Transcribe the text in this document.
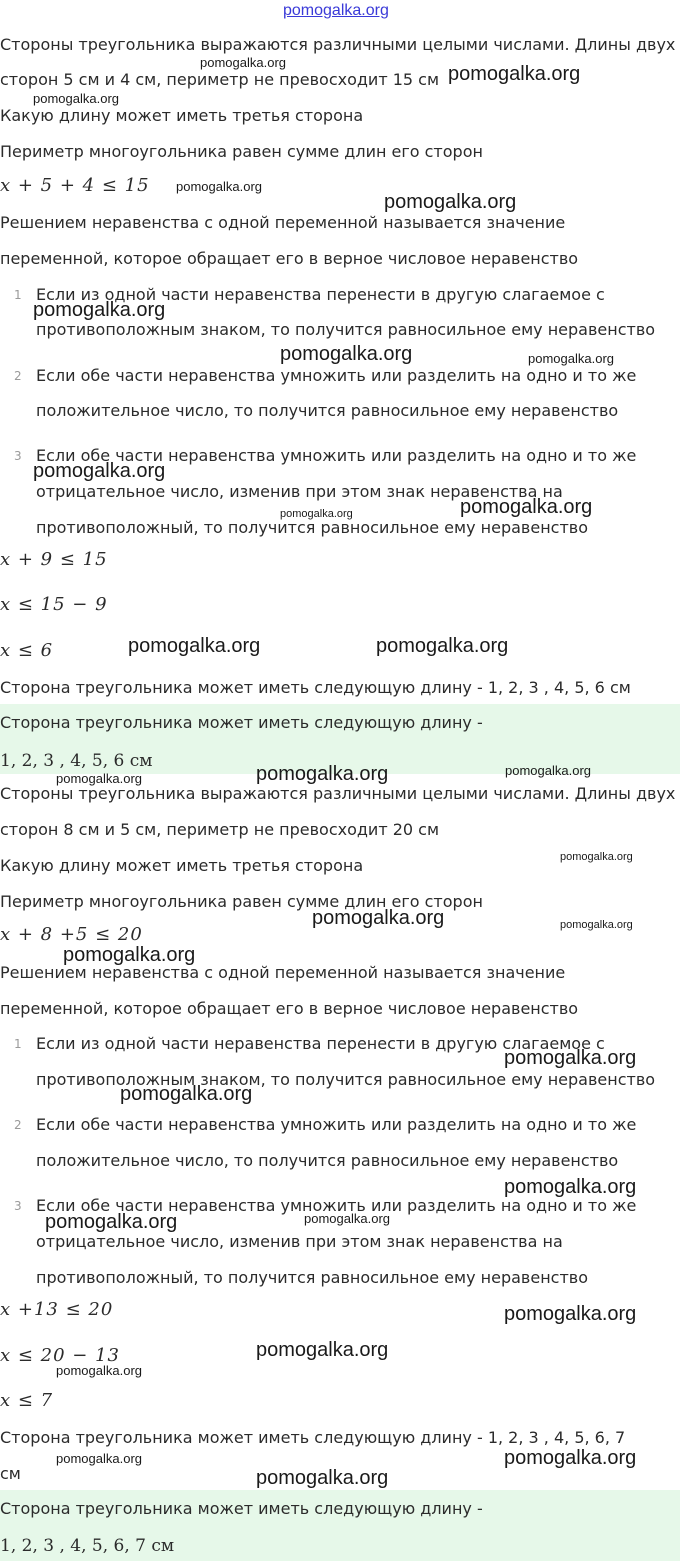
pomogalka.org
Стороны треугольника выражаются различными целыми числами. Длины двух
сторон 5 см и 4 см, периметр не превосходит 15 см
Какую длину может иметь третья сторона
Периметр многоугольника равен сумме длин его сторон
x + 5 + 4 ≤ 15
Решением неравенства с одной переменной называется значение
переменной, которое обращает его в верное числовое неравенство
1 Если из одной части неравенства перенести в другую слагаемое с
противоположным знаком, то получится равносильное ему неравенство
2 Если обе части неравенства умножить или разделить на одно и то же
положительное число, то получится равносильное ему неравенство
3 Если обе части неравенства умножить или разделить на одно и то же
отрицательное число, изменив при этом знак неравенства на
противоположный, то получится равносильное ему неравенство
x + 9 ≤ 15
x ≤ 15 − 9
x ≤ 6
Сторона треугольника может иметь следующую длину - 1, 2, 3 , 4, 5, 6 см
Сторона треугольника может иметь следующую длину -
1, 2, 3 , 4, 5, 6 см
Стороны треугольника выражаются различными целыми числами. Длины двух
сторон 8 см и 5 см, периметр не превосходит 20 см
Какую длину может иметь третья сторона
Периметр многоугольника равен сумме длин его сторон
x + 8 +5 ≤ 20
Решением неравенства с одной переменной называется значение
переменной, которое обращает его в верное числовое неравенство
1 Если из одной части неравенства перенести в другую слагаемое с
противоположным знаком, то получится равносильное ему неравенство
2 Если обе части неравенства умножить или разделить на одно и то же
положительное число, то получится равносильное ему неравенство
3 Если обе части неравенства умножить или разделить на одно и то же
отрицательное число, изменив при этом знак неравенства на
противоположный, то получится равносильное ему неравенство
x +13 ≤ 20
x ≤ 20 − 13
x ≤ 7
Сторона треугольника может иметь следующую длину - 1, 2, 3 , 4, 5, 6, 7
см
Сторона треугольника может иметь следующую длину -
1, 2, 3 , 4, 5, 6, 7 см
pomogalka.org
pomogalka.org
pomogalka.org
pomogalka.org
pomogalka.org
pomogalka.org
pomogalka.org	pomogalka.org
pomogalka.org
pomogalka.org	pomogalka.org
pomogalka.org	pomogalka.org
pomogalka.org	pomogalka.org	pomogalka.org
pomogalka.org
pomogalka.org	pomogalka.org
pomogalka.org
pomogalka.org
pomogalka.org
pomogalka.org
pomogalka.org	pomogalka.org
pomogalka.org
pomogalka.org
pomogalka.org
pomogalka.org	pomogalka.org
pomogalka.org
